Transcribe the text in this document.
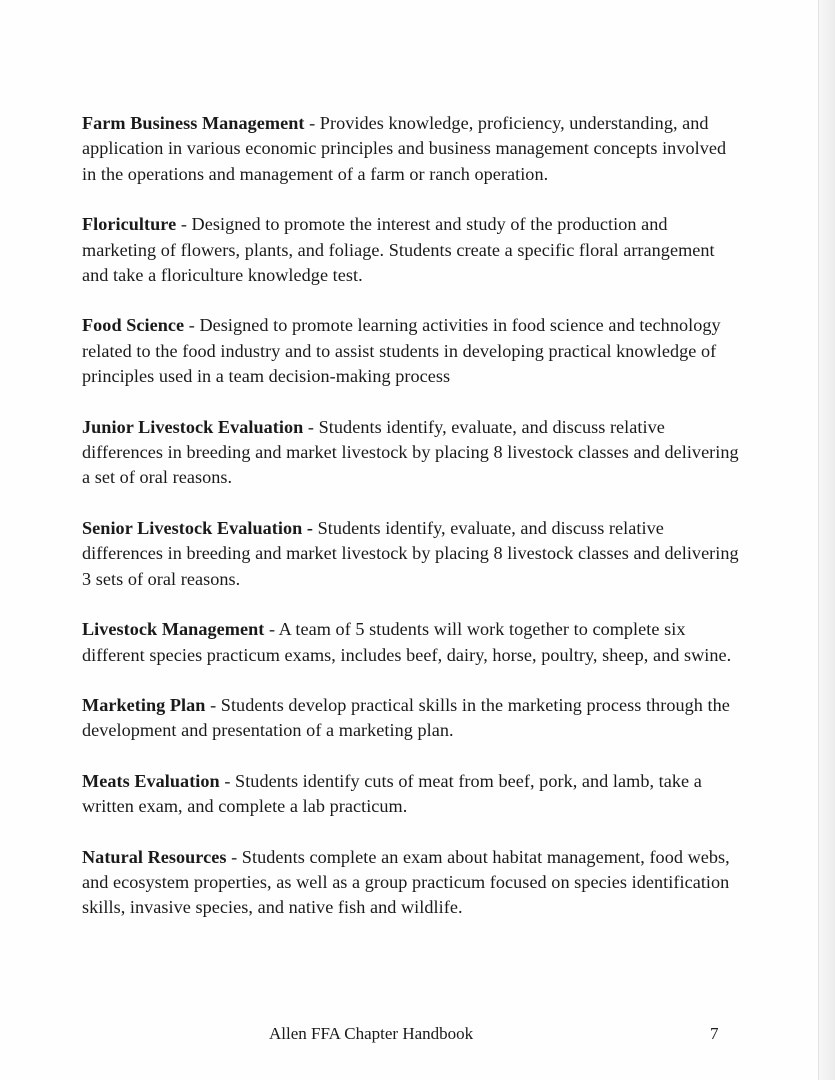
Farm Business Management - Provides knowledge, proficiency, understanding, and application in various economic principles and business management concepts involved in the operations and management of a farm or ranch operation.

Floriculture - Designed to promote the interest and study of the production and marketing of flowers, plants, and foliage. Students create a specific floral arrangement and take a floriculture knowledge test.

Food Science - Designed to promote learning activities in food science and technology related to the food industry and to assist students in developing practical knowledge of principles used in a team decision-making process

Junior Livestock Evaluation - Students identify, evaluate, and discuss relative differences in breeding and market livestock by placing 8 livestock classes and delivering a set of oral reasons.

Senior Livestock Evaluation - Students identify, evaluate, and discuss relative differences in breeding and market livestock by placing 8 livestock classes and delivering 3 sets of oral reasons.

Livestock Management - A team of 5 students will work together to complete six different species practicum exams, includes beef, dairy, horse, poultry, sheep, and swine.

Marketing Plan - Students develop practical skills in the marketing process through the development and presentation of a marketing plan.

Meats Evaluation - Students identify cuts of meat from beef, pork, and lamb, take a written exam, and complete a lab practicum.

Natural Resources - Students complete an exam about habitat management, food webs, and ecosystem properties, as well as a group practicum focused on species identification skills, invasive species, and native fish and wildlife.

Allen FFA Chapter Handbook	7
